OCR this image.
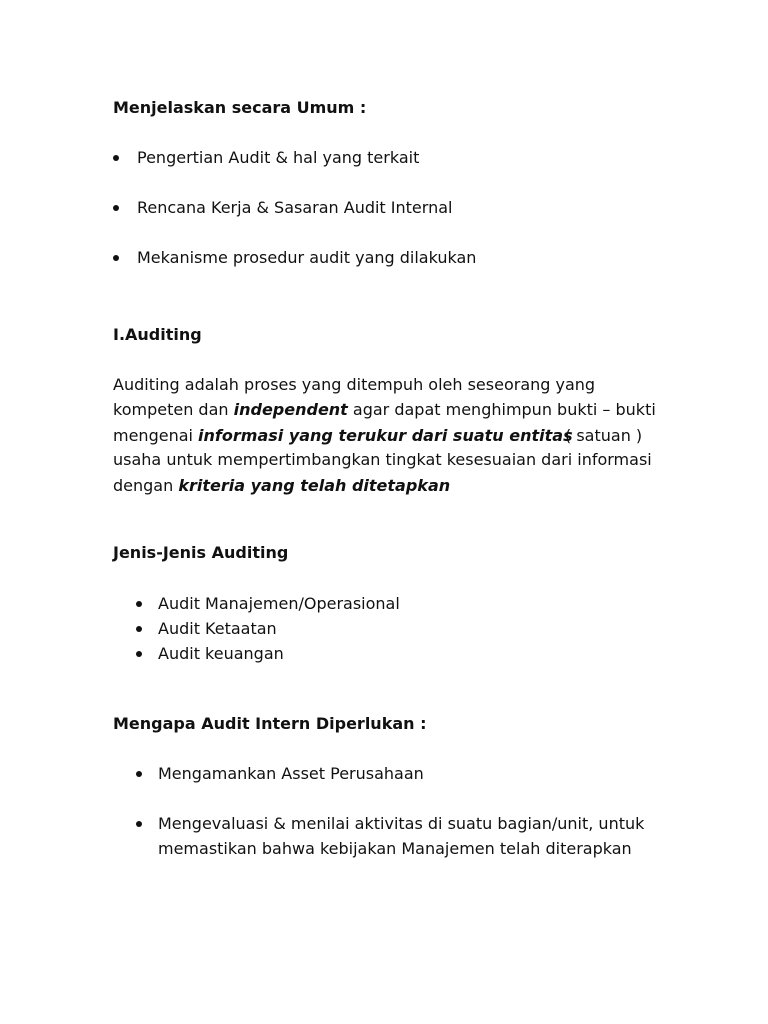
Menjelaskan secara Umum :
Pengertian Audit & hal yang terkait
Rencana Kerja & Sasaran Audit Internal
Mekanisme prosedur audit yang dilakukan
I.Auditing
Auditing adalah proses yang ditempuh oleh seseorang yang
kompeten dan independent agar dapat menghimpun bukti – bukti
mengenai informasi yang terukur dari suatu entitas
( satuan )
usaha untuk mempertimbangkan tingkat kesesuaian dari informasi
dengan kriteria yang telah ditetapkan
Jenis-Jenis Auditing
Audit Manajemen/Operasional
Audit Ketaatan
Audit keuangan
Mengapa Audit Intern Diperlukan :
Mengamankan Asset Perusahaan
Mengevaluasi & menilai aktivitas di suatu bagian/unit, untuk
memastikan bahwa kebijakan Manajemen telah diterapkan
